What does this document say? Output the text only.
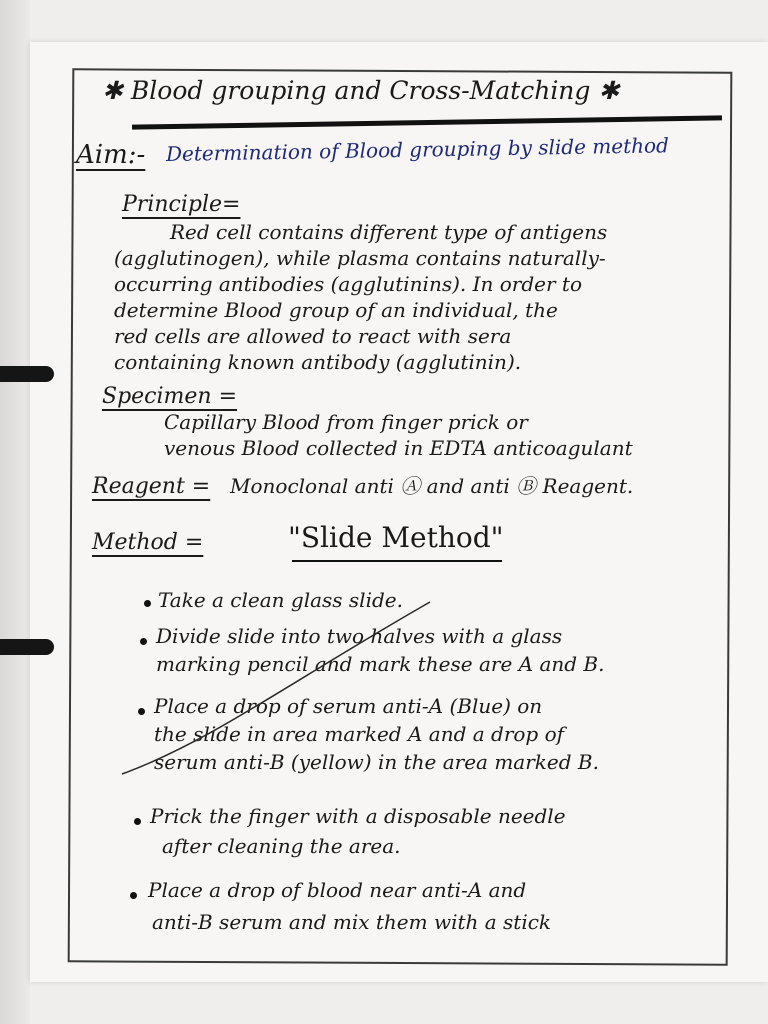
✱ Blood grouping and Cross-Matching ✱
Aim:- Determination of Blood grouping by slide method
Principle=
Red cell contains different type of antigens
(agglutinogen), while plasma contains naturally-
occurring antibodies (agglutinins). In order to
determine Blood group of an individual, the
red cells are allowed to react with sera
containing known antibody (agglutinin).
Specimen =
Capillary Blood from finger prick or
venous Blood collected in EDTA anticoagulant
Reagent = Monoclonal anti Ⓐ and anti Ⓑ Reagent.
Method =	"Slide Method"
Take a clean glass slide.
Divide slide into two halves with a glass
marking pencil and mark these are A and B.
Place a drop of serum anti-A (Blue) on
the slide in area marked A and a drop of
serum anti-B (yellow) in the area marked B.
Prick the finger with a disposable needle
after cleaning the area.
Place a drop of blood near anti-A and
anti-B serum and mix them with a stick
